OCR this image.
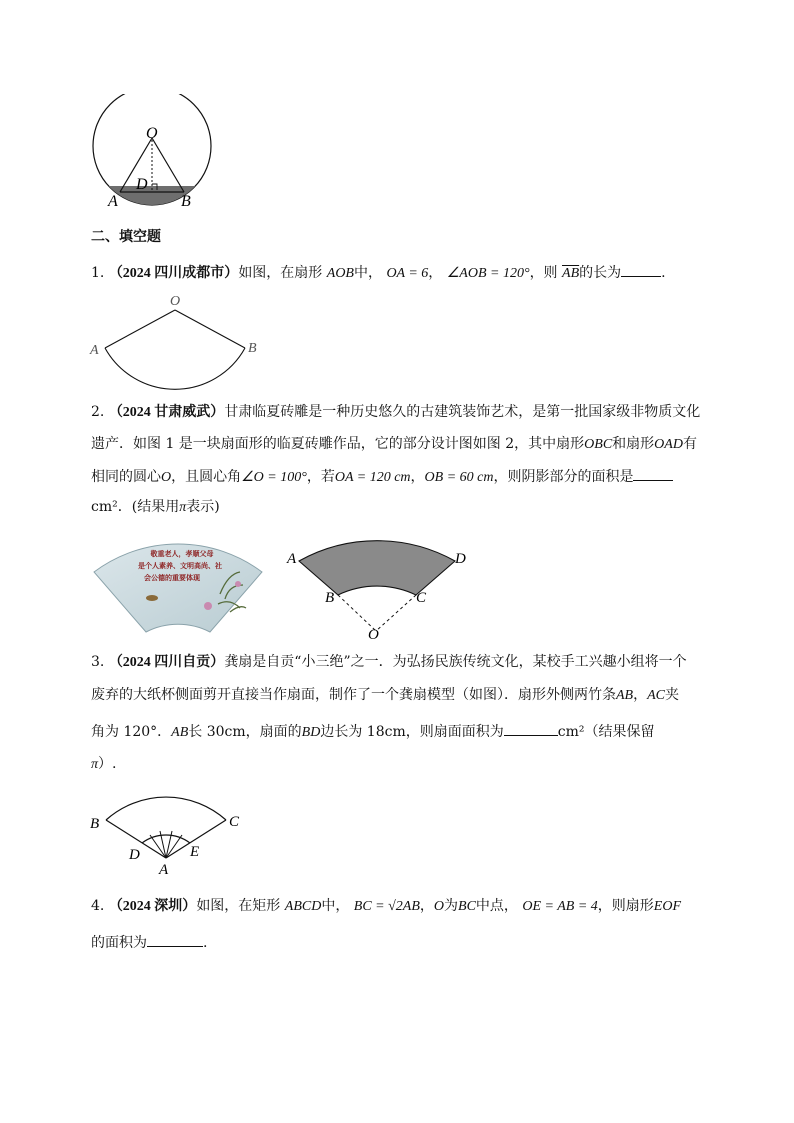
O
D
A	B
二、填空题
1. （2024 四川成都市）如图，在扇形 AOB中， OA = 6， ∠AOB = 120°，则 $\overline{AB}$的长为	.
O
A	B
2. （2024 甘肃威武）甘肃临夏砖雕是一种历史悠久的古建筑装饰艺术，是第一批国家级非物质文化
遗产．如图 1 是一块扇面形的临夏砖雕作品，它的部分设计图如图 2，其中扇形OBC和扇形OAD有
相同的圆心O，且圆心角∠O = 100°，若OA = 120 cm，OB = 60 cm，则阴影部分的面积是
cm²．(结果用π表示)
敬重老人，孝顺父母
是个人素养、文明高尚、社
会公德的重要体现
A	D
B	C
O
3. （2024 四川自贡）龚扇是自贡“小三绝”之一．为弘扬民族传统文化，某校手工兴趣小组将一个
废弃的大纸杯侧面剪开直接当作扇面，制作了一个龚扇模型（如图）．扇形外侧两竹条AB，AC夹
角为 120°．AB长 30cm，扇面的BD边长为 18cm，则扇面面积为	cm²（结果保留
π）.
B	C
D	E
A
4. （2024 深圳）如图，在矩形 ABCD中， BC = √2AB，O为BC中点， OE = AB = 4，则扇形EOF
的面积为	.
